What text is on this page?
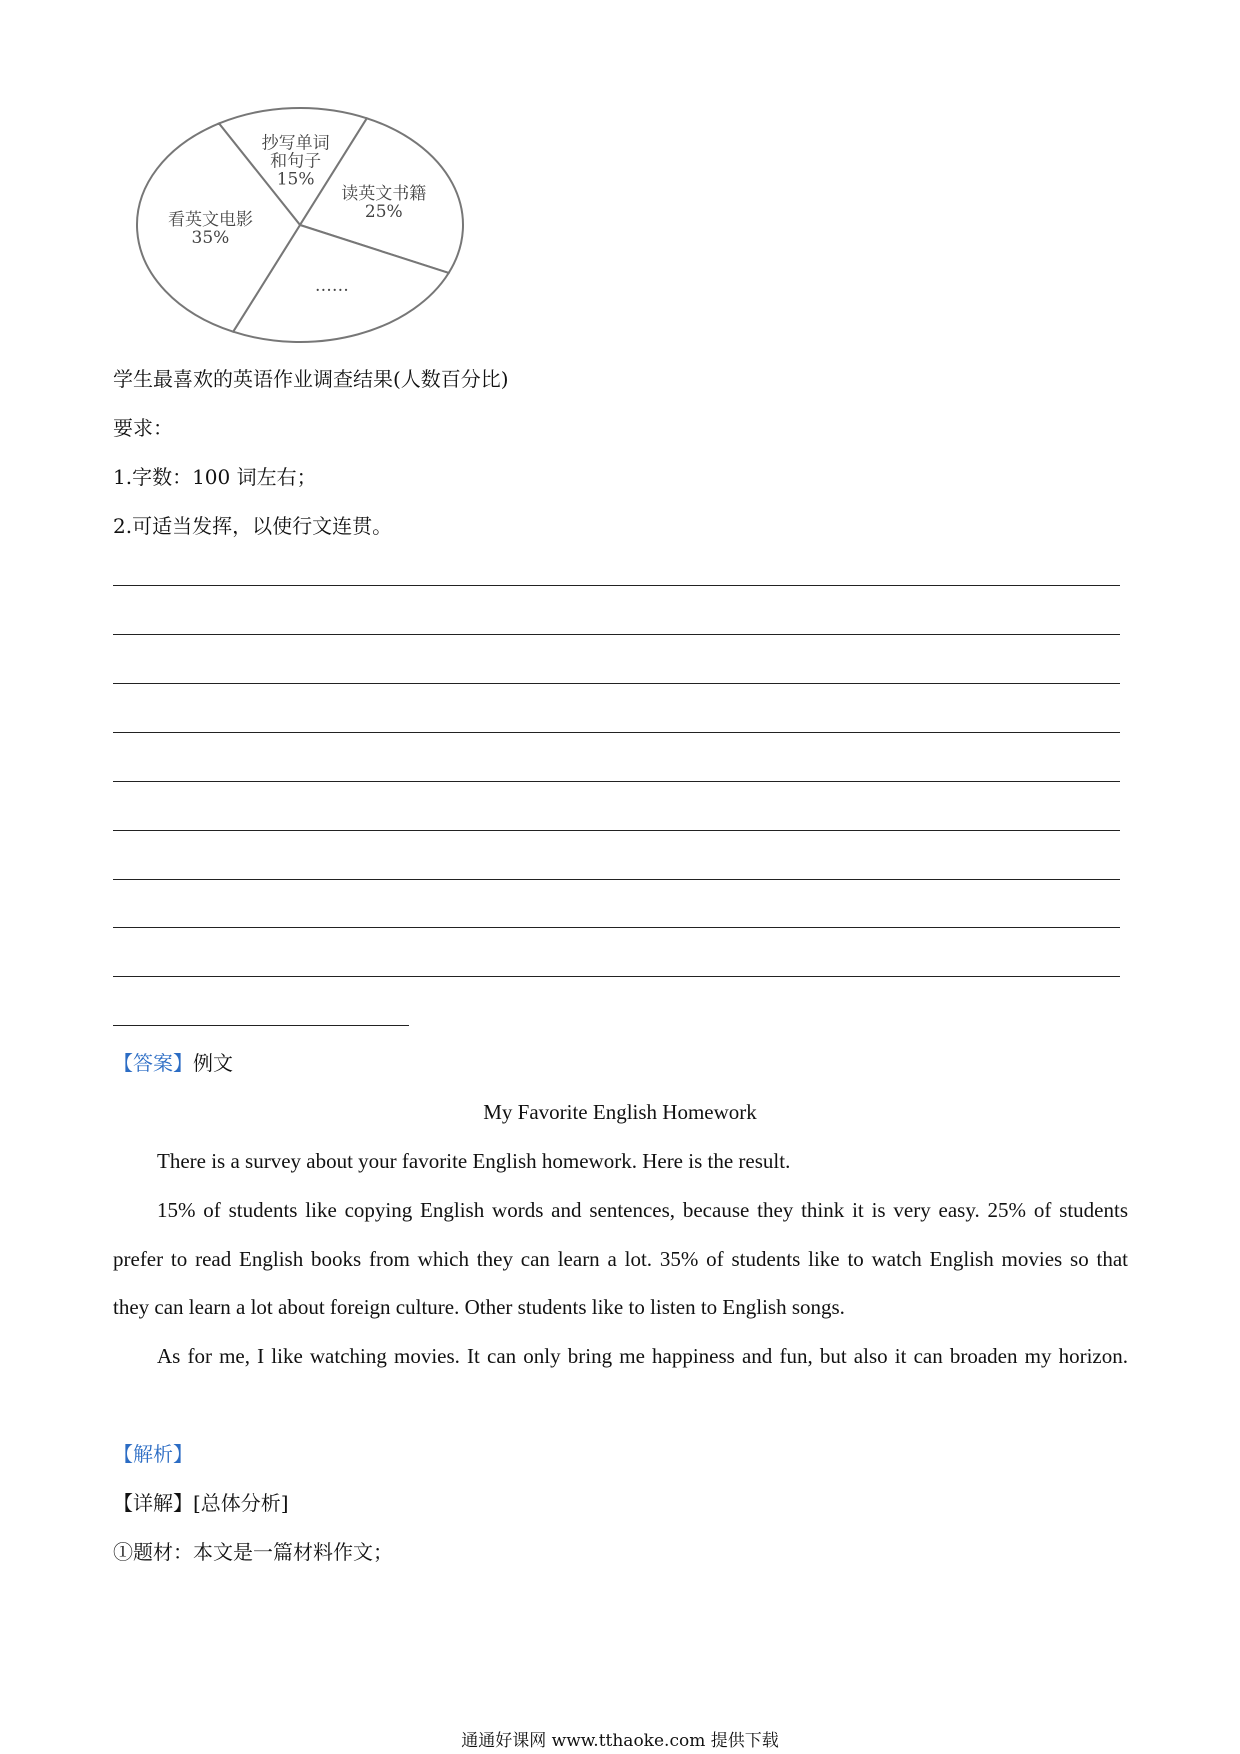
抄写单词和句子 15%
读英文书籍 25%
……
看英文电影 35%
学生最喜欢的英语作业调查结果(人数百分比)
要求：
1.字数：100 词左右；
2.可适当发挥，以使行文连贯。
【答案】例文
My Favorite English Homework
There is a survey about your favorite English homework. Here is the result.
15% of students like copying English words and sentences, because they think it is very easy. 25% of students
prefer to read English books from which they can learn a lot. 35% of students like to watch English movies so that
they can learn a lot about foreign culture. Other students like to listen to English songs.
As for me, I like watching movies. It can only bring me happiness and fun, but also it can broaden my horizon.
【解析】
【详解】[总体分析]
①题材：本文是一篇材料作文；
通通好课网 www.tthaoke.com 提供下载
